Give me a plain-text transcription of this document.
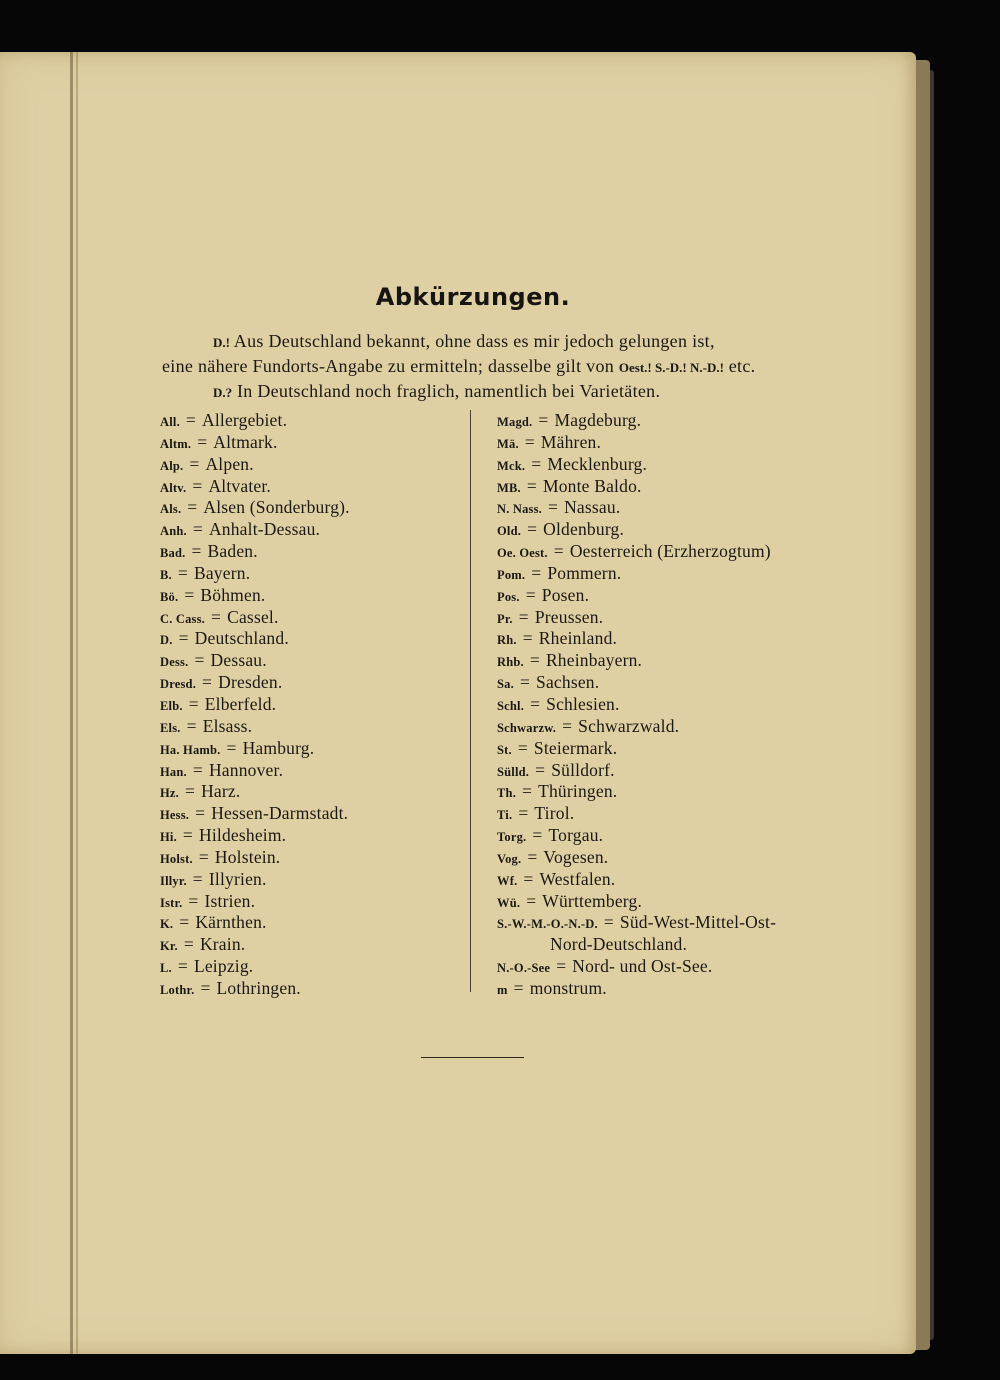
Abkürzungen.
D.! Aus Deutschland bekannt, ohne dass es mir jedoch gelungen ist,
eine nähere Fundorts-Angabe zu ermitteln; dasselbe gilt von Oest.! S.-D.! N.-D.! etc.
D.? In Deutschland noch fraglich, namentlich bei Varietäten.
All. = Allergebiet.
Altm. = Altmark.
Alp. = Alpen.
Altv. = Altvater.
Als. = Alsen (Sonderburg).
Anh. = Anhalt-Dessau.
Bad. = Baden.
B. = Bayern.
Bö. = Böhmen.
C. Cass. = Cassel.
D. = Deutschland.
Dess. = Dessau.
Dresd. = Dresden.
Elb. = Elberfeld.
Els. = Elsass.
Ha. Hamb. = Hamburg.
Han. = Hannover.
Hz. = Harz.
Hess. = Hessen-Darmstadt.
Hi. = Hildesheim.
Holst. = Holstein.
Illyr. = Illyrien.
Istr. = Istrien.
K. = Kärnthen.
Kr. = Krain.
L. = Leipzig.
Lothr. = Lothringen.
Magd. = Magdeburg.
Mä. = Mähren.
Mck. = Mecklenburg.
MB. = Monte Baldo.
N. Nass. = Nassau.
Old. = Oldenburg.
Oe. Oest. = Oesterreich (Erzherzogtum)
Pom. = Pommern.
Pos. = Posen.
Pr. = Preussen.
Rh. = Rheinland.
Rhb. = Rheinbayern.
Sa. = Sachsen.
Schl. = Schlesien.
Schwarzw. = Schwarzwald.
St. = Steiermark.
Sülld. = Sülldorf.
Th. = Thüringen.
Ti. = Tirol.
Torg. = Torgau.
Vog. = Vogesen.
Wf. = Westfalen.
Wü. = Württemberg.
S.-W.-M.-O.-N.-D. = Süd-West-Mittel-Ost-
Nord-Deutschland.
N.-O.-See = Nord- und Ost-See.
m = monstrum.
